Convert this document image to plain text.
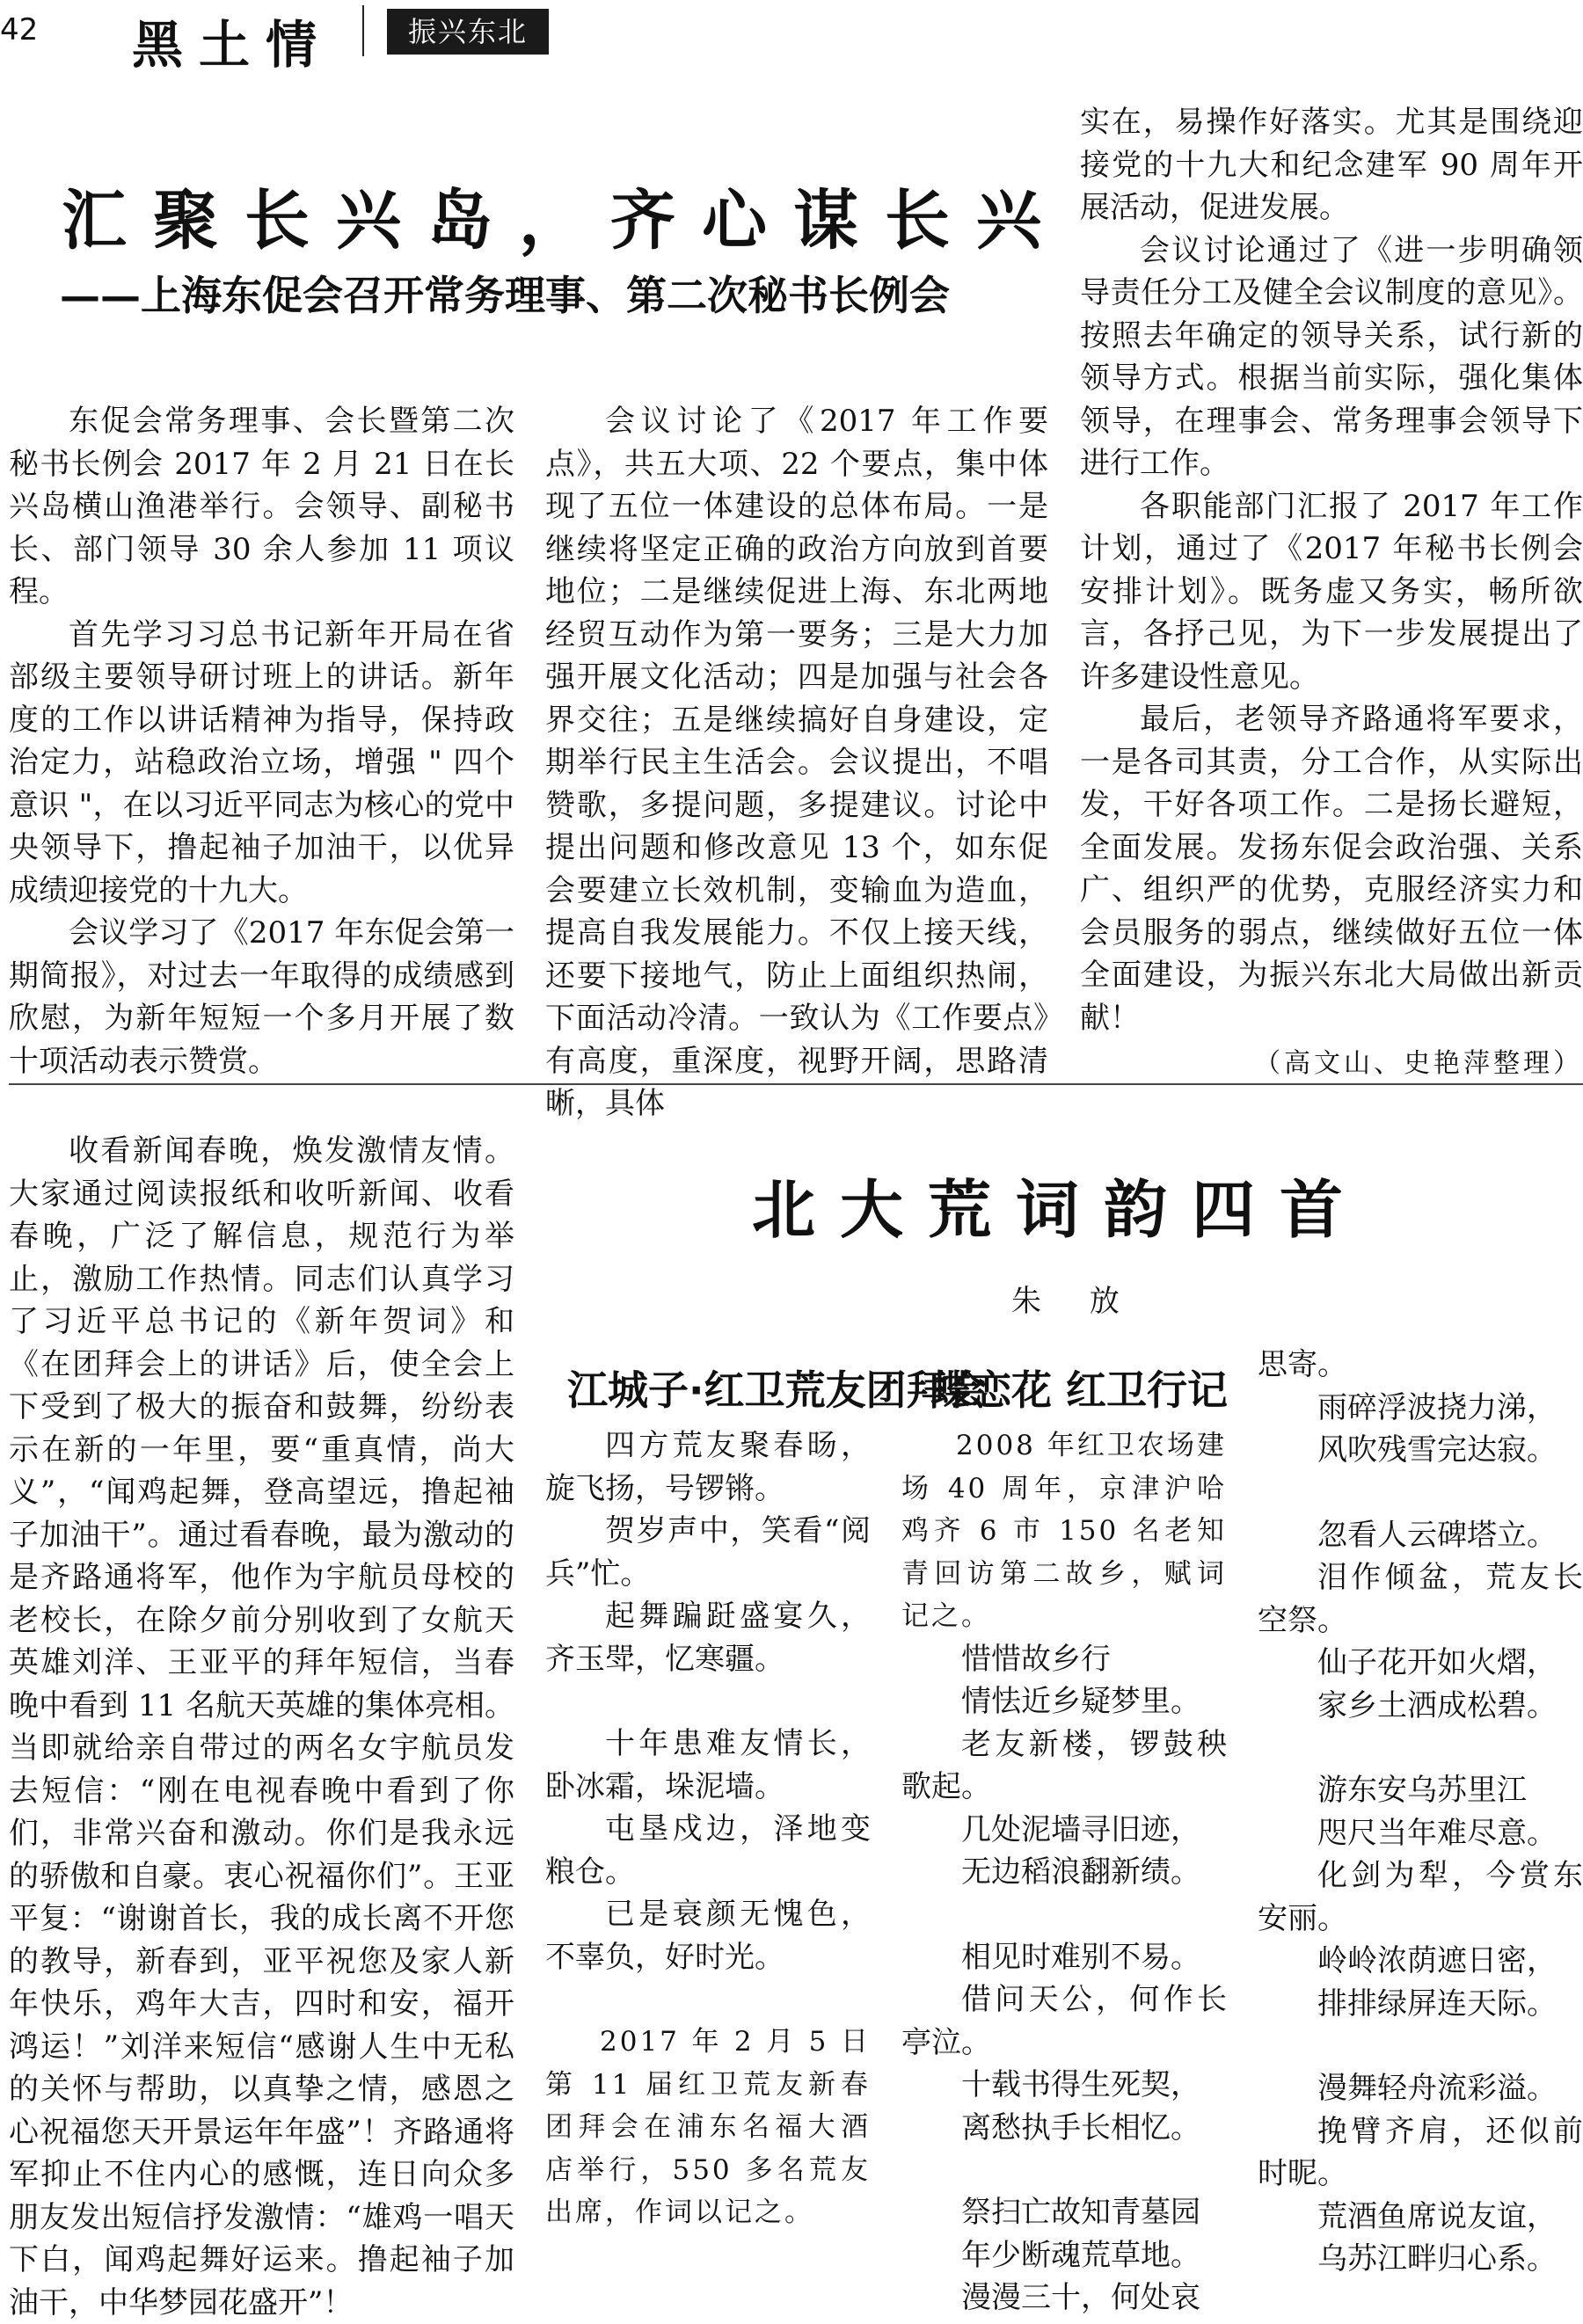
42 黑土情	振兴东北
汇聚长兴岛，齐心谋长兴
——上海东促会召开常务理事、第二次秘书长例会

东促会常务理事、会长暨第二次秘书长例会 2017 年 2 月 21 日在长兴岛横山渔港举行。会领导、副秘书长、部门领导 30 余人参加 11 项议程。

首先学习习总书记新年开局在省部级主要领导研讨班上的讲话。新年度的工作以讲话精神为指导，保持政治定力，站稳政治立场，增强 " 四个意识 "，在以习近平同志为核心的党中央领导下，撸起袖子加油干，以优异成绩迎接党的十九大。

会议学习了《2017 年东促会第一期简报》，对过去一年取得的成绩感到欣慰，为新年短短一个多月开展了数十项活动表示赞赏。

会议讨论了《2017 年工作要点》，共五大项、22 个要点，集中体现了五位一体建设的总体布局。一是继续将坚定正确的政治方向放到首要地位；二是继续促进上海、东北两地经贸互动作为第一要务；三是大力加强开展文化活动；四是加强与社会各界交往；五是继续搞好自身建设，定期举行民主生活会。会议提出，不唱赞歌，多提问题，多提建议。讨论中提出问题和修改意见 13 个，如东促会要建立长效机制，变输血为造血，提高自我发展能力。不仅上接天线，还要下接地气，防止上面组织热闹，下面活动冷清。一致认为《工作要点》有高度，重深度，视野开阔，思路清晰，具体

实在，易操作好落实。尤其是围绕迎接党的十九大和纪念建军 90 周年开展活动，促进发展。

会议讨论通过了《进一步明确领导责任分工及健全会议制度的意见》。按照去年确定的领导关系，试行新的领导方式。根据当前实际，强化集体领导，在理事会、常务理事会领导下进行工作。

各职能部门汇报了 2017 年工作计划，通过了《2017 年秘书长例会安排计划》。既务虚又务实，畅所欲言，各抒己见，为下一步发展提出了许多建设性意见。

最后，老领导齐路通将军要求，一是各司其责，分工合作，从实际出发，干好各项工作。二是扬长避短，全面发展。发扬东促会政治强、关系广、组织严的优势，克服经济实力和会员服务的弱点，继续做好五位一体全面建设，为振兴东北大局做出新贡献！

（高文山、史艳萍整理）

收看新闻春晚，焕发激情友情。大家通过阅读报纸和收听新闻、收看春晚，广泛了解信息，规范行为举止，激励工作热情。同志们认真学习了习近平总书记的《新年贺词》和《在团拜会上的讲话》后，使全会上下受到了极大的振奋和鼓舞，纷纷表示在新的一年里，要“重真情，尚大义”，“闻鸡起舞，登高望远，撸起袖子加油干”。通过看春晚，最为激动的是齐路通将军，他作为宇航员母校的老校长，在除夕前分别收到了女航天英雄刘洋、王亚平的拜年短信，当春晚中看到 11 名航天英雄的集体亮相。当即就给亲自带过的两名女宇航员发去短信：“刚在电视春晚中看到了你们，非常兴奋和激动。你们是我永远的骄傲和自豪。衷心祝福你们”。王亚平复：“谢谢首长，我的成长离不开您的教导，新春到，亚平祝您及家人新年快乐，鸡年大吉，四时和安，福开鸿运！”刘洋来短信“感谢人生中无私的关怀与帮助，以真挚之情，感恩之心祝福您天开景运年年盛”！齐路通将军抑止不住内心的感慨，连日向众多朋友发出短信抒发激情：“雄鸡一唱天下白，闻鸡起舞好运来。撸起袖子加油干，中华梦园花盛开”！

北大荒词韵四首
朱 放
江城子·红卫荒友团拜会
蝶恋花 红卫行记

四方荒友聚春旸，旋飞扬，号锣锵。

贺岁声中，笑看“阅兵”忙。

起舞蹁跹盛宴久，齐玉斝，忆寒疆。

十年患难友情长，卧冰霜，垛泥墙。

屯垦戍边，泽地变粮仓。

已是衰颜无愧色，不辜负，好时光。

2017 年 2 月 5 日第 11 届红卫荒友新春团拜会在浦东名福大酒店举行，550 多名荒友出席，作词以记之。

2008 年红卫农场建场 40 周年，京津沪哈鸡齐 6 市 150 名老知青回访第二故乡，赋词记之。

惜惜故乡行

情怯近乡疑梦里。

老友新楼，锣鼓秧歌起。

几处泥墙寻旧迹，

无边稻浪翻新绩。

相见时难别不易。

借问天公，何作长亭泣。

十载书得生死契，

离愁执手长相忆。

祭扫亡故知青墓园

年少断魂荒草地。

漫漫三十，何处哀

思寄。

雨碎浮波挠力涕，

风吹残雪完达寂。

忽看人云碑塔立。

泪作倾盆，荒友长空祭。

仙子花开如火熠，

家乡土洒成松碧。

游东安乌苏里江

咫尺当年难尽意。

化剑为犁，今赏东安丽。

岭岭浓荫遮日密，

排排绿屏连天际。

漫舞轻舟流彩溢。

挽臂齐肩，还似前时昵。

荒酒鱼席说友谊，

乌苏江畔归心系。
